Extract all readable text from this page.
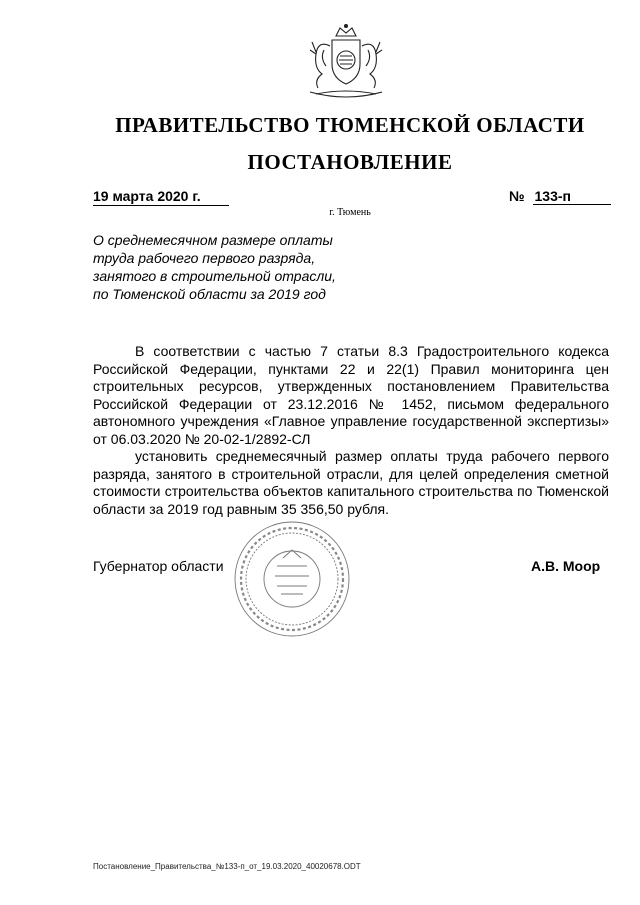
ПРАВИТЕЛЬСТВО ТЮМЕНСКОЙ ОБЛАСТИ
ПОСТАНОВЛЕНИЕ
19 марта 2020 г.	№ 133-п
г. Тюмень
О среднемесячном размере оплаты
труда рабочего первого разряда,
занятого в строительной отрасли,
по Тюменской области за 2019 год
В соответствии с частью 7 статьи 8.3 Градостроительного кодекса Российской Федерации, пунктами 22 и 22(1) Правил мониторинга цен строительных ресурсов, утвержденных постановлением Правительства Российской Федерации от 23.12.2016 № 1452, письмом федерального автономного учреждения «Главное управление государственной экспертизы» от 06.03.2020 № 20-02-1/2892-СЛ
установить среднемесячный размер оплаты труда рабочего первого разряда, занятого в строительной отрасли, для целей определения сметной стоимости строительства объектов капитального строительства по Тюменской области за 2019 год равным 35 356,50 рубля.
Губернатор области	А.В. Моор
Постановление_Правительства_№133-п_от_19.03.2020_40020678.ODT
